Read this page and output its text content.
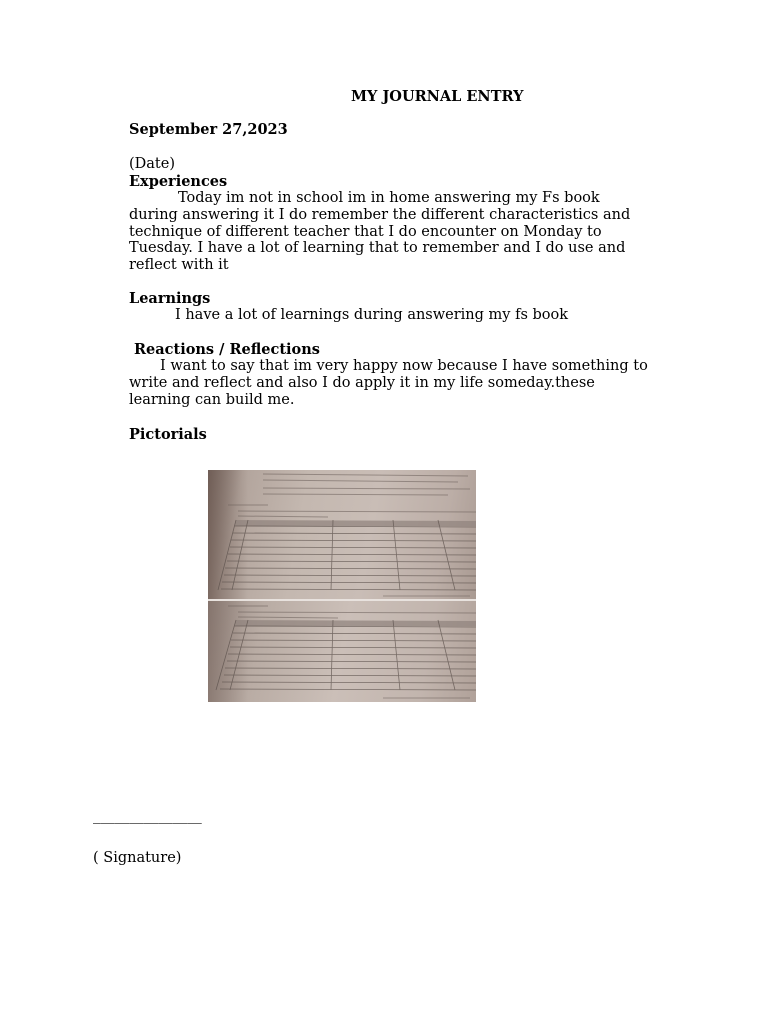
MY JOURNAL ENTRY
September 27,2023
(Date)
Experiences
Today im not in school im in home answering my Fs book during answering it I do remember the different characteristics and technique of different teacher that I do encounter on Monday to Tuesday. I have a lot of learning that to remember and I do use and reflect with it
Learnings
I have a lot of learnings during answering my fs book
Reactions / Reflections
I want to say that im very happy now because I have something to write and reflect and also I do apply it in my life someday.these learning can build me.
Pictorials
_______________
( Signature)
